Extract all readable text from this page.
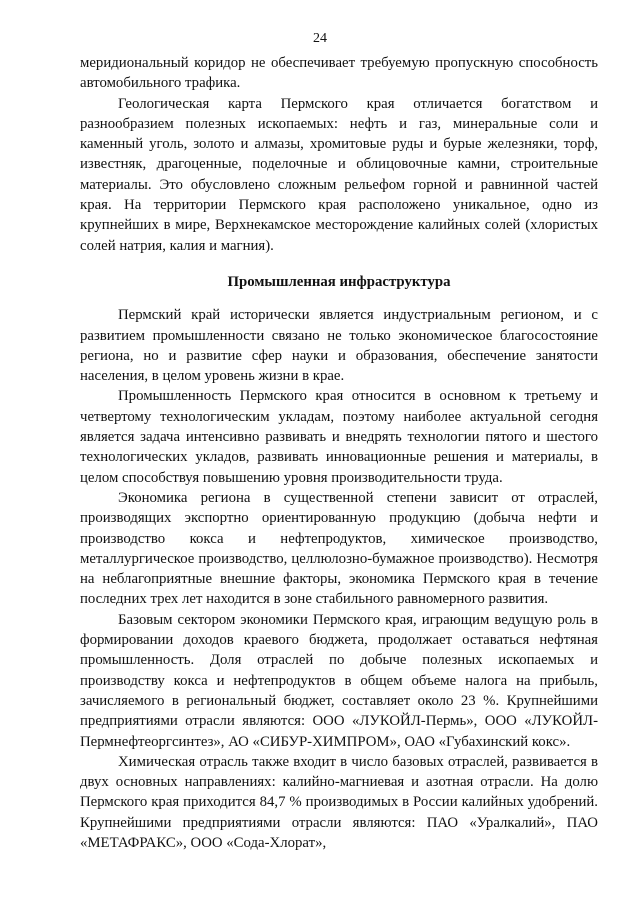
24

меридиональный коридор не обеспечивает требуемую пропускную способность автомобильного трафика.

Геологическая карта Пермского края отличается богатством и разнообразием полезных ископаемых: нефть и газ, минеральные соли и каменный уголь, золото и алмазы, хромитовые руды и бурые железняки, торф, известняк, драгоценные, поделочные и облицовочные камни, строительные материалы. Это обусловлено сложным рельефом горной и равнинной частей края. На территории Пермского края расположено уникальное, одно из крупнейших в мире, Верхнекамское месторождение калийных солей (хлористых солей натрия, калия и магния).

Промышленная инфраструктура

Пермский край исторически является индустриальным регионом, и с развитием промышленности связано не только экономическое благосостояние региона, но и развитие сфер науки и образования, обеспечение занятости населения, в целом уровень жизни в крае.

Промышленность Пермского края относится в основном к третьему и четвертому технологическим укладам, поэтому наиболее актуальной сегодня является задача интенсивно развивать и внедрять технологии пятого и шестого технологических укладов, развивать инновационные решения и материалы, в целом способствуя повышению уровня производительности труда.

Экономика региона в существенной степени зависит от отраслей, производящих экспортно ориентированную продукцию (добыча нефти и производство кокса и нефтепродуктов, химическое производство, металлургическое производство, целлюлозно-бумажное производство). Несмотря на неблагоприятные внешние факторы, экономика Пермского края в течение последних трех лет находится в зоне стабильного равномерного развития.

Базовым сектором экономики Пермского края, играющим ведущую роль в формировании доходов краевого бюджета, продолжает оставаться нефтяная промышленность. Доля отраслей по добыче полезных ископаемых и производству кокса и нефтепродуктов в общем объеме налога на прибыль, зачисляемого в региональный бюджет, составляет около 23 %. Крупнейшими предприятиями отрасли являются: ООО «ЛУКОЙЛ-Пермь», ООО «ЛУКОЙЛ-Пермнефтеоргсинтез», АО «СИБУР-ХИМПРОМ», ОАО «Губахинский кокс».

Химическая отрасль также входит в число базовых отраслей, развивается в двух основных направлениях: калийно-магниевая и азотная отрасли. На долю Пермского края приходится 84,7 % производимых в России калийных удобрений. Крупнейшими предприятиями отрасли являются: ПАО «Уралкалий», ПАО «МЕТАФРАКС», ООО «Сода-Хлорат»,
